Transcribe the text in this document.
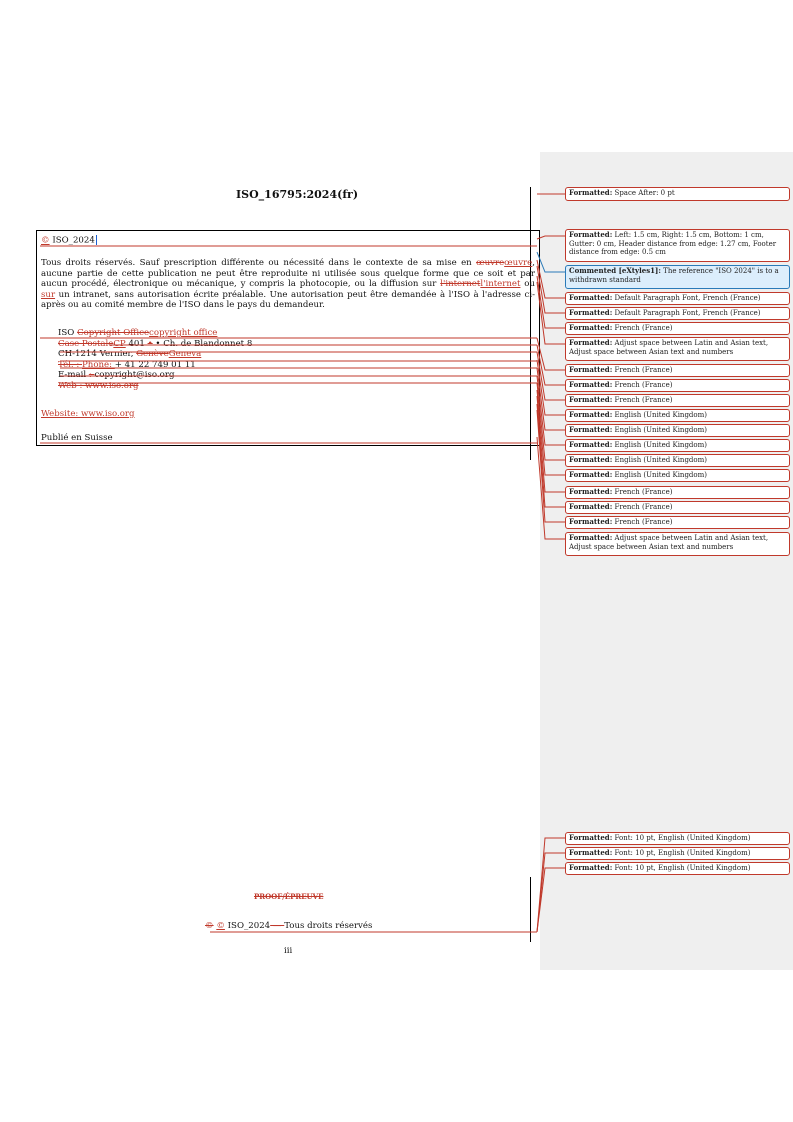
ISO_16795:2024(fr)
© ISO_2024
Tous droits réservés. Sauf prescription différente ou nécessité dans le contexte de sa mise en œuvreœuvre, aucune partie de cette publication ne peut être reproduite ni utilisée sous quelque forme que ce soit et par aucun procédé, électronique ou mécanique, y compris la photocopie, ou la diffusion sur l'internetl'internet ou sur un intranet, sans autorisation écrite préalable. Une autorisation peut être demandée à l'ISO à l'adresse ci-après ou au comité membre de l'ISO dans le pays du demandeur.
ISO Copyright Officecopyright office
Case PostaleCP 401 • • Ch. de Blandonnet 8
CH-1214 Vernier, GenèveGeneva
Tél. : Phone: + 41 22 749 01 11
E-mail : copyright@iso.org
Web : www.iso.org
Website: www.iso.org
Publié en Suisse
PROOF/ÉPREUVE
© © ISO_2024 — Tous droits réservés
iii
Formatted: Space After: 0 pt
Formatted: Left: 1.5 cm, Right: 1.5 cm, Bottom: 1 cm, Gutter: 0 cm, Header distance from edge: 1.27 cm, Footer distance from edge: 0.5 cm
Commented [eXtyles1]: The reference "ISO 2024" is to a withdrawn standard
Formatted: Default Paragraph Font, French (France)
Formatted: Default Paragraph Font, French (France)
Formatted: French (France)
Formatted: Adjust space between Latin and Asian text, Adjust space between Asian text and numbers
Formatted: French (France)
Formatted: French (France)
Formatted: French (France)
Formatted: English (United Kingdom)
Formatted: English (United Kingdom)
Formatted: English (United Kingdom)
Formatted: English (United Kingdom)
Formatted: English (United Kingdom)
Formatted: French (France)
Formatted: French (France)
Formatted: French (France)
Formatted: Adjust space between Latin and Asian text, Adjust space between Asian text and numbers
Formatted: Font: 10 pt, English (United Kingdom)
Formatted: Font: 10 pt, English (United Kingdom)
Formatted: Font: 10 pt, English (United Kingdom)
